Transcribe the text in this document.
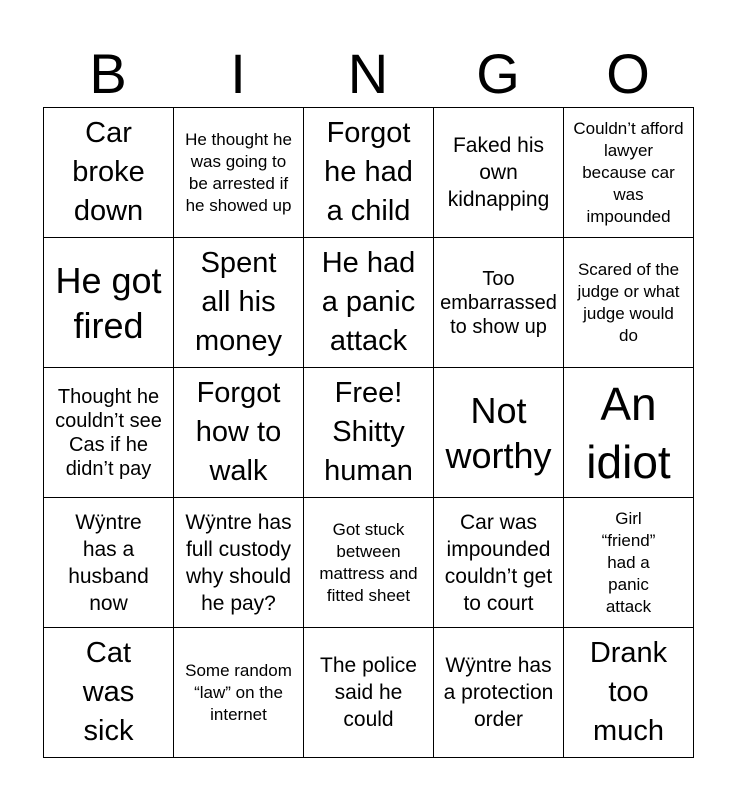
B	I	N	G	O
Car broke down
He thought he was going to be arrested if he showed up
Forgot he had a child
Faked his own kidnapping
Couldn’t afford lawyer because car was impounded
He got fired
Spent all his money
He had a panic attack
Too embarrassed to show up
Scared of the judge or what judge would do
Thought he couldn’t see Cas if he didn’t pay
Forgot how to walk
Free! Shitty human
Not worthy
An idiot
Wÿntre has a husband now
Wÿntre has full custody why should he pay?
Got stuck between mattress and fitted sheet
Car was impounded couldn’t get to court
Girl “friend” had a panic attack
Cat was sick
Some random “law” on the internet
The police said he could
Wÿntre has a protection order
Drank too much
